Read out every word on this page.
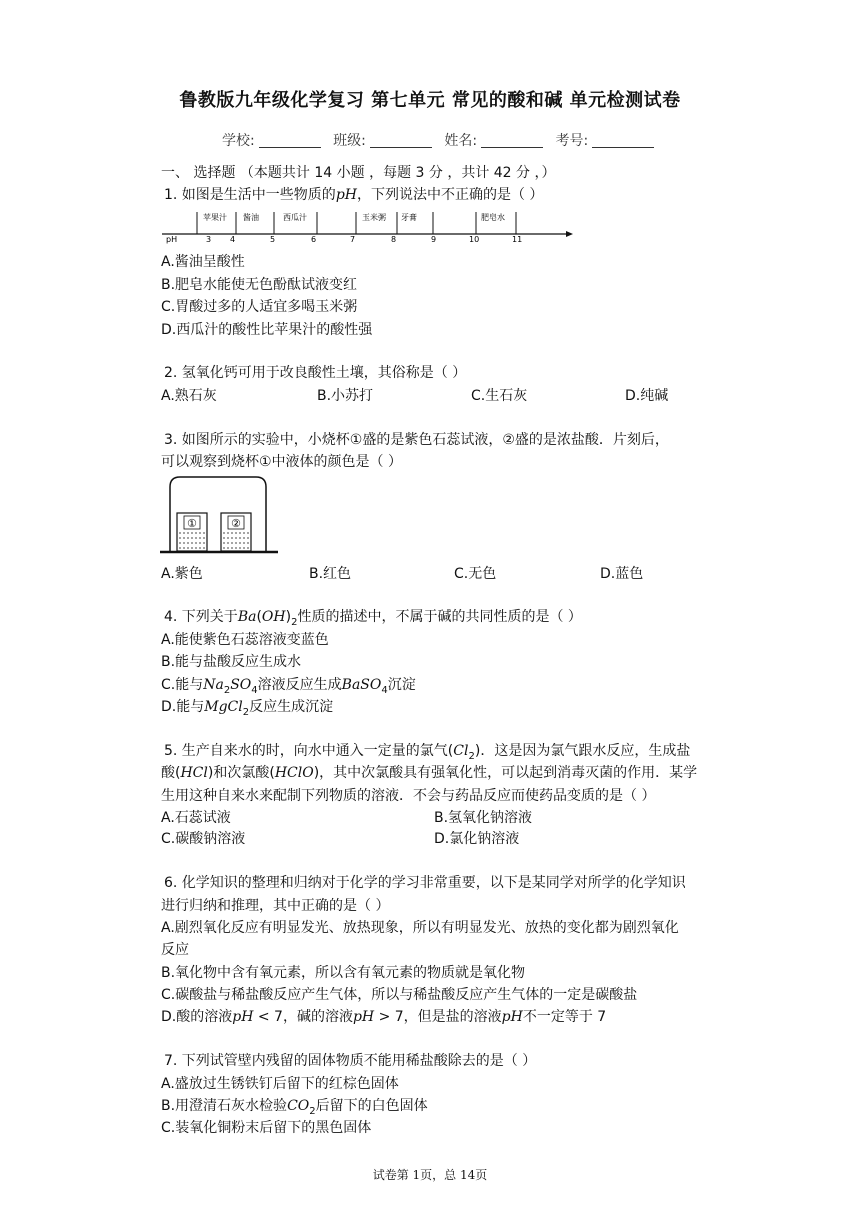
鲁教版九年级化学复习 第七单元 常见的酸和碱 单元检测试卷
学校:	班级:	姓名:	考号:
一、 选择题 （本题共计 14 小题 ，每题 3 分 ，共计 42 分 ，）
1. 如图是生活中一些物质的pH，下列说法中不正确的是（ ）
pH	3 4	5	6	7	8	9	10	11
苹果汁 酱油	西瓜汁	玉米粥 牙膏	肥皂水
A.酱油呈酸性
B.肥皂水能使无色酚酞试液变红
C.胃酸过多的人适宜多喝玉米粥
D.西瓜汁的酸性比苹果汁的酸性强
2. 氢氧化钙可用于改良酸性土壤，其俗称是（ ）
A.熟石灰	B.小苏打	C.生石灰	D.纯碱
3. 如图所示的实验中，小烧杯①盛的是紫色石蕊试液，②盛的是浓盐酸．片刻后，
可以观察到烧杯①中液体的颜色是（ ）
①	②
A.紫色	B.红色	C.无色	D.蓝色
4. 下列关于$Ba(OH)_2$性质的描述中，不属于碱的共同性质的是（ ）
A.能使紫色石蕊溶液变蓝色
B.能与盐酸反应生成水
C.能与$Na_2SO_4$溶液反应生成BaSO$_4$沉淀
D.能与MgCl$_2$反应生成沉淀
5. 生产自来水的时，向水中通入一定量的氯气$(Cl_2)$．这是因为氯气跟水反应，生成盐
酸(HCl)和次氯酸(HClO)，其中次氯酸具有强氧化性，可以起到消毒灭菌的作用．某学
生用这种自来水来配制下列物质的溶液．不会与药品反应而使药品变质的是（ ）
A.石蕊试液	B.氢氧化钠溶液
C.碳酸钠溶液	D.氯化钠溶液
6. 化学知识的整理和归纳对于化学的学习非常重要，以下是某同学对所学的化学知识
进行归纳和推理，其中正确的是（ ）
A.剧烈氧化反应有明显发光、放热现象，所以有明显发光、放热的变化都为剧烈氧化
反应
B.氧化物中含有氧元素，所以含有氧元素的物质就是氧化物
C.碳酸盐与稀盐酸反应产生气体，所以与稀盐酸反应产生气体的一定是碳酸盐
D.酸的溶液pH < 7，碱的溶液pH > 7，但是盐的溶液pH不一定等于 7
7. 下列试管壁内残留的固体物质不能用稀盐酸除去的是（ ）
A.盛放过生锈铁钉后留下的红棕色固体
B.用澄清石灰水检验$CO_2$后留下的白色固体
C.装氧化铜粉末后留下的黑色固体
试卷第 1页，总 14页
